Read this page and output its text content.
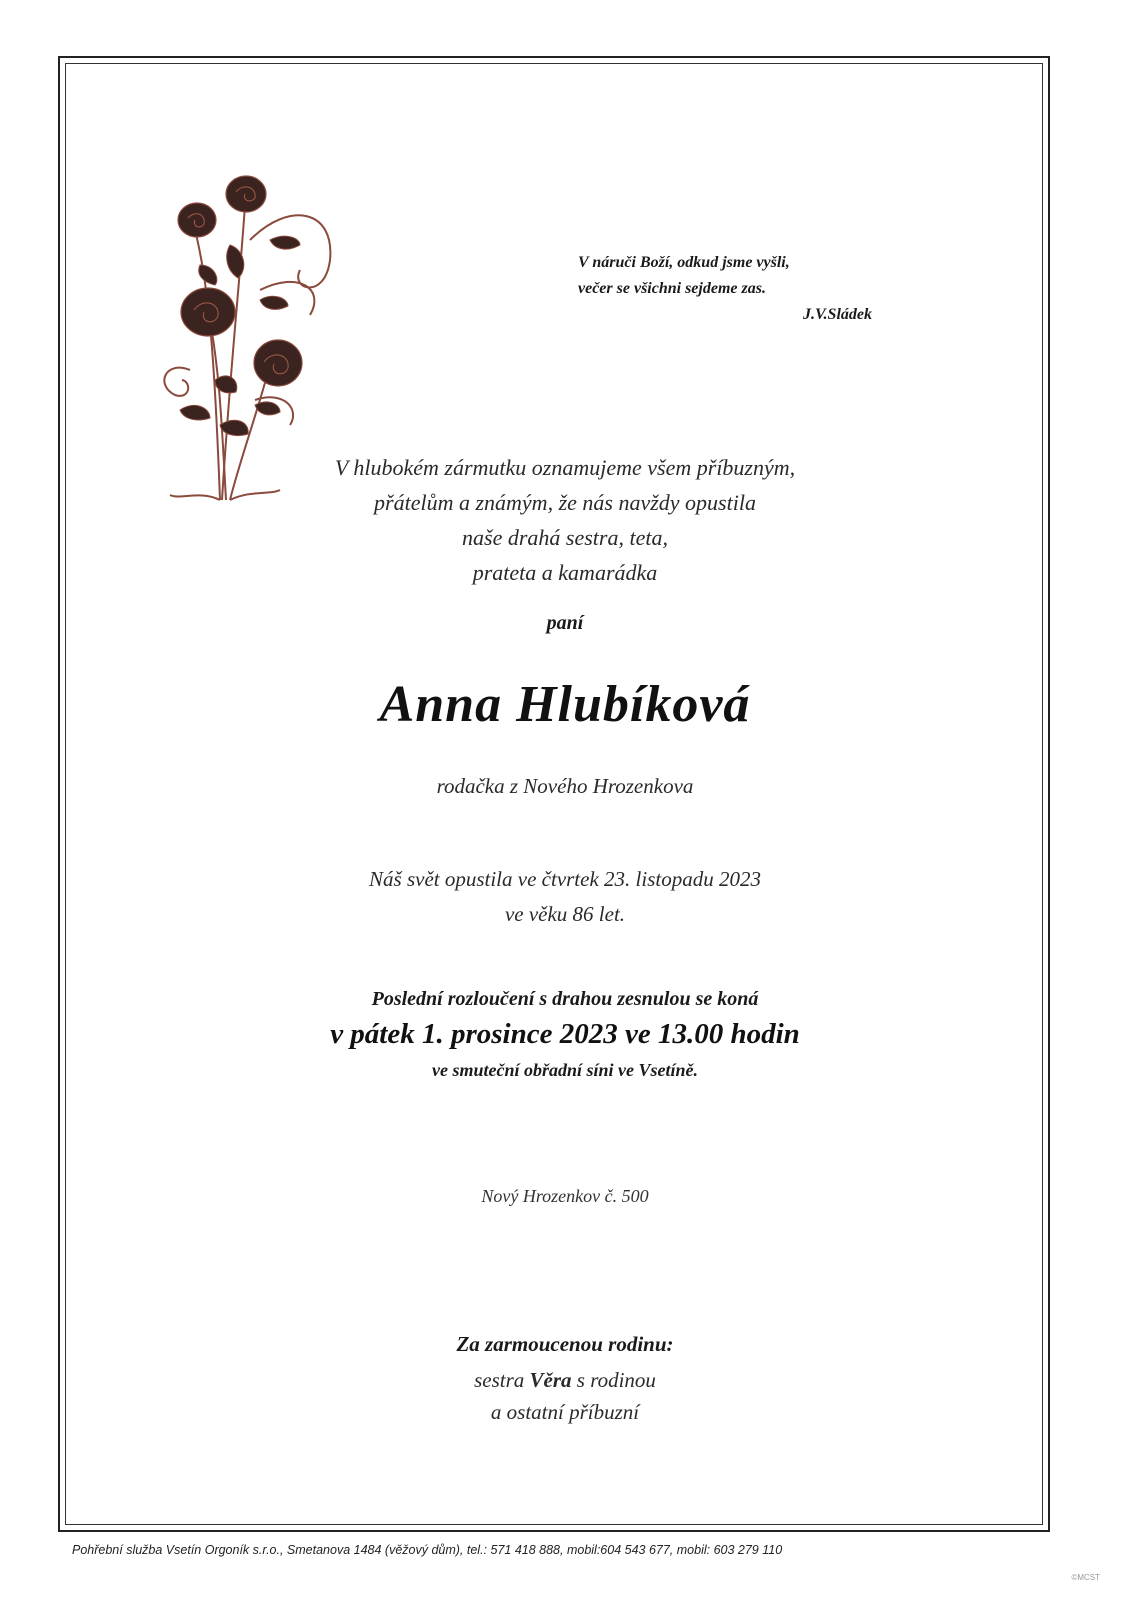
V náruči Boží, odkud jsme vyšli,
večer se všichni sejdeme zas.
J.V.Sládek
V hlubokém zármutku oznamujeme všem příbuzným,
přátelům a známým, že nás navždy opustila
naše drahá sestra, teta,
prateta a kamarádka
paní
Anna Hlubíková
rodačka z Nového Hrozenkova
Náš svět opustila ve čtvrtek 23. listopadu 2023
ve věku 86 let.
Poslední rozloučení s drahou zesnulou se koná
v pátek 1. prosince 2023 ve 13.00 hodin
ve smuteční obřadní síni ve Vsetíně.
Nový Hrozenkov č. 500
Za zarmoucenou rodinu:
sestra Věra s rodinou
a ostatní příbuzní
Pohřební služba Vsetín Orgoník s.r.o., Smetanova 1484 (věžový dům), tel.: 571 418 888, mobil:604 543 677, mobil: 603 279 110
©MCST
